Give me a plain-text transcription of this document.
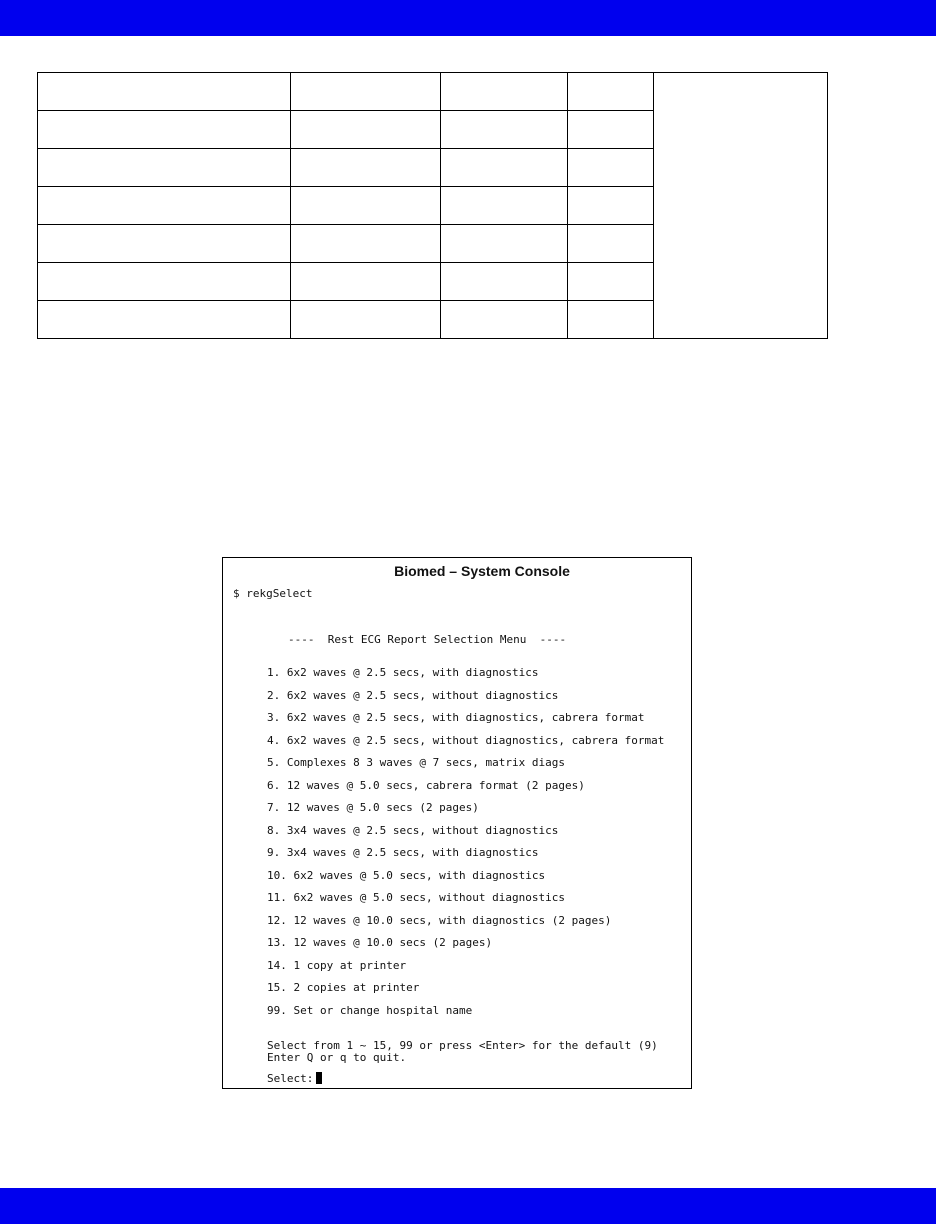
Biomed – System Console
$ rekgSelect
----  Rest ECG Report Selection Menu  ----
1. 6x2 waves @ 2.5 secs, with diagnostics
2. 6x2 waves @ 2.5 secs, without diagnostics
3. 6x2 waves @ 2.5 secs, with diagnostics, cabrera format
4. 6x2 waves @ 2.5 secs, without diagnostics, cabrera format
5. Complexes 8 3 waves @ 7 secs, matrix diags
6. 12 waves @ 5.0 secs, cabrera format (2 pages)
7. 12 waves @ 5.0 secs (2 pages)
8. 3x4 waves @ 2.5 secs, without diagnostics
9. 3x4 waves @ 2.5 secs, with diagnostics
10. 6x2 waves @ 5.0 secs, with diagnostics
11. 6x2 waves @ 5.0 secs, without diagnostics
12. 12 waves @ 10.0 secs, with diagnostics (2 pages)
13. 12 waves @ 10.0 secs (2 pages)
14. 1 copy at printer
15. 2 copies at printer
99. Set or change hospital name
Select from 1 ~ 15, 99 or press <Enter> for the default (9)
Enter Q or q to quit.
Select:
